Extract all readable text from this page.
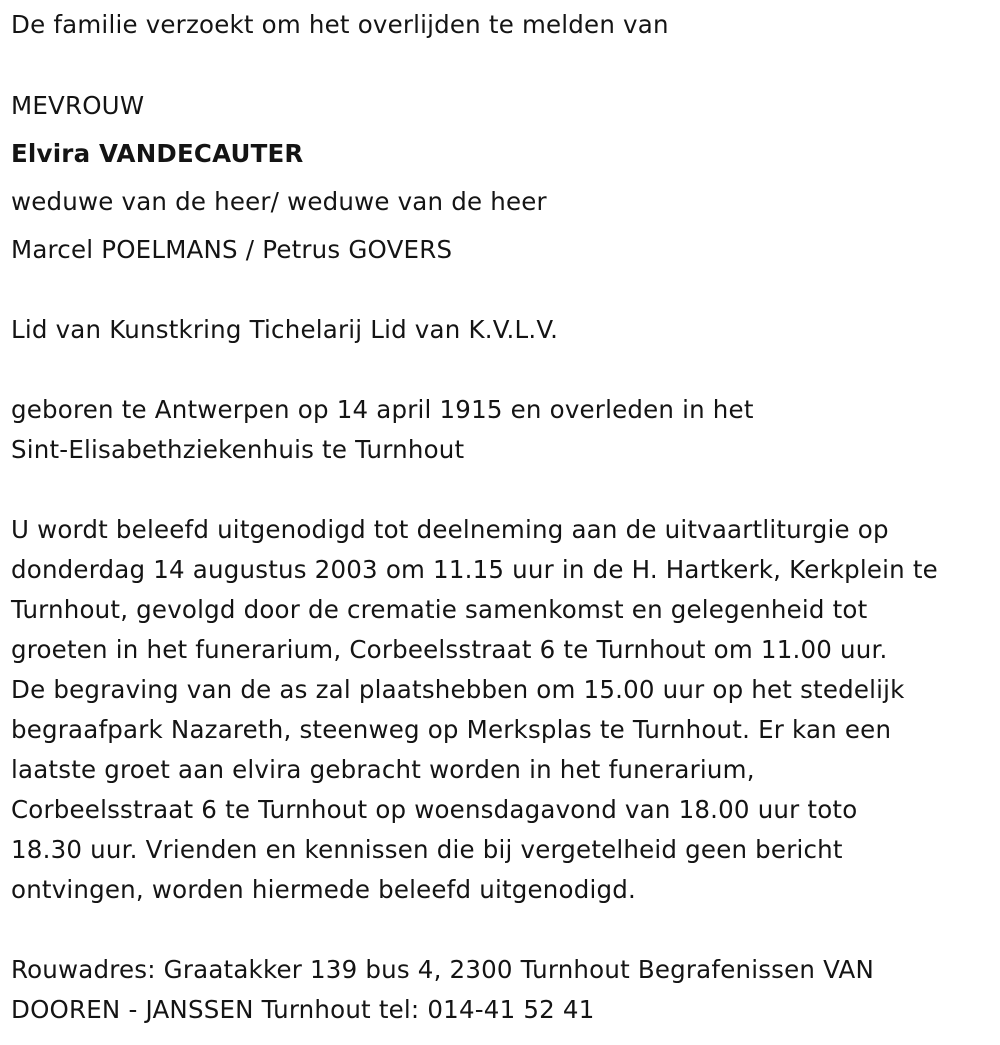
De familie verzoekt om het overlijden te melden van
MEVROUW
Elvira VANDECAUTER
weduwe van de heer/ weduwe van de heer
Marcel POELMANS / Petrus GOVERS
Lid van Kunstkring Tichelarij Lid van K.V.L.V.
geboren te Antwerpen op 14 april 1915 en overleden in het
Sint-Elisabethziekenhuis te Turnhout
U wordt beleefd uitgenodigd tot deelneming aan de uitvaartliturgie op
donderdag 14 augustus 2003 om 11.15 uur in de H. Hartkerk, Kerkplein te
Turnhout, gevolgd door de crematie samenkomst en gelegenheid tot
groeten in het funerarium, Corbeelsstraat 6 te Turnhout om 11.00 uur.
De begraving van de as zal plaatshebben om 15.00 uur op het stedelijk
begraafpark Nazareth, steenweg op Merksplas te Turnhout. Er kan een
laatste groet aan elvira gebracht worden in het funerarium,
Corbeelsstraat 6 te Turnhout op woensdagavond van 18.00 uur toto
18.30 uur. Vrienden en kennissen die bij vergetelheid geen bericht
ontvingen, worden hiermede beleefd uitgenodigd.
Rouwadres: Graatakker 139 bus 4, 2300 Turnhout Begrafenissen VAN
DOOREN - JANSSEN Turnhout tel: 014-41 52 41
